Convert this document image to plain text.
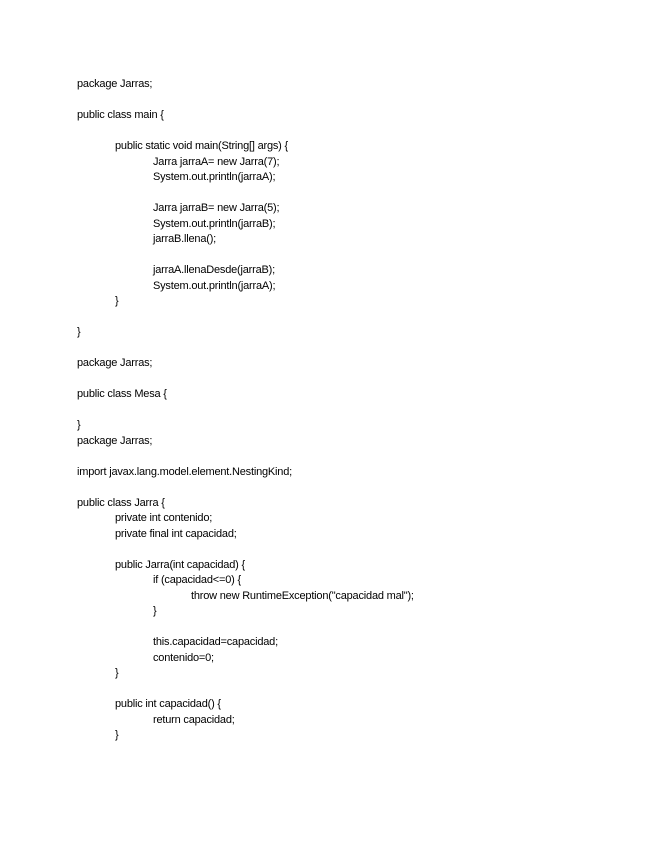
package Jarras;
public class main {
public static void main(String[] args) {
Jarra jarraA= new Jarra(7);
System.out.println(jarraA);
Jarra jarraB= new Jarra(5);
System.out.println(jarraB);
jarraB.llena();
jarraA.llenaDesde(jarraB);
System.out.println(jarraA);
}
}
package Jarras;
public class Mesa {
}
package Jarras;
import javax.lang.model.element.NestingKind;
public class Jarra {
private int contenido;
private final int capacidad;
public Jarra(int capacidad) {
if (capacidad<=0) {
throw new RuntimeException("capacidad mal");
}
this.capacidad=capacidad;
contenido=0;
}
public int capacidad() {
return capacidad;
}
